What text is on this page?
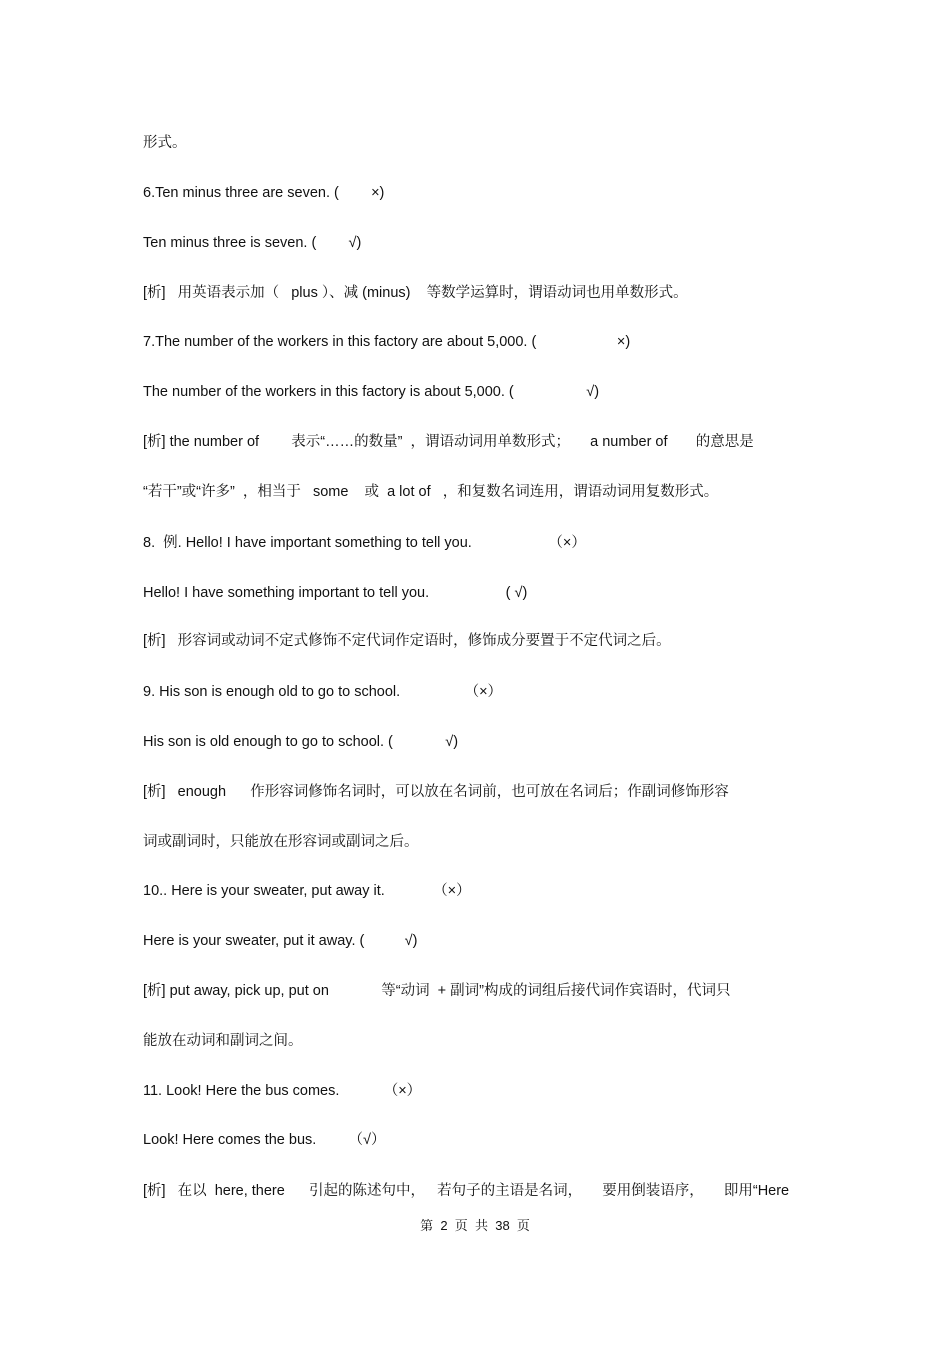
形式。
6.Ten minus three are seven. (        ×)
Ten minus three is seven. (        √)
[析]   用英语表示加（   plus ）、减 (minus)    等数学运算时，谓语动词也用单数形式。
7.The number of the workers in this factory are about 5,000. (                    ×)
The number of the workers in this factory is about 5,000. (                  √)
[析] the number of        表示“……的数量”  ，谓语动词用单数形式；     a number of       的意思是
“若干”或“许多”  ，相当于   some    或  a lot of   ，和复数名词连用，谓语动词用复数形式。
8.  例. Hello! I have important something to tell you.                   （×）
Hello! I have something important to tell you.                   ( √)
[析]   形容词或动词不定式修饰不定代词作定语时，修饰成分要置于不定代词之后。
9. His son is enough old to go to school.                （×）
His son is old enough to go to school. (             √)
[析]   enough      作形容词修饰名词时，可以放在名词前，也可放在名词后；作副词修饰形容
词或副词时，只能放在形容词或副词之后。
10.. Here is your sweater, put away it.            （×）
Here is your sweater, put it away. (          √)
[析] put away, pick up, put on             等“动词  + 副词”构成的词组后接代词作宾语时，代词只
能放在动词和副词之间。
11. Look! Here the bus comes.           （×）
Look! Here comes the bus.        （√）
[析]   在以  here, there      引起的陈述句中，   若句子的主语是名词，     要用倒装语序，     即用“Here
第  2  页  共  38  页
